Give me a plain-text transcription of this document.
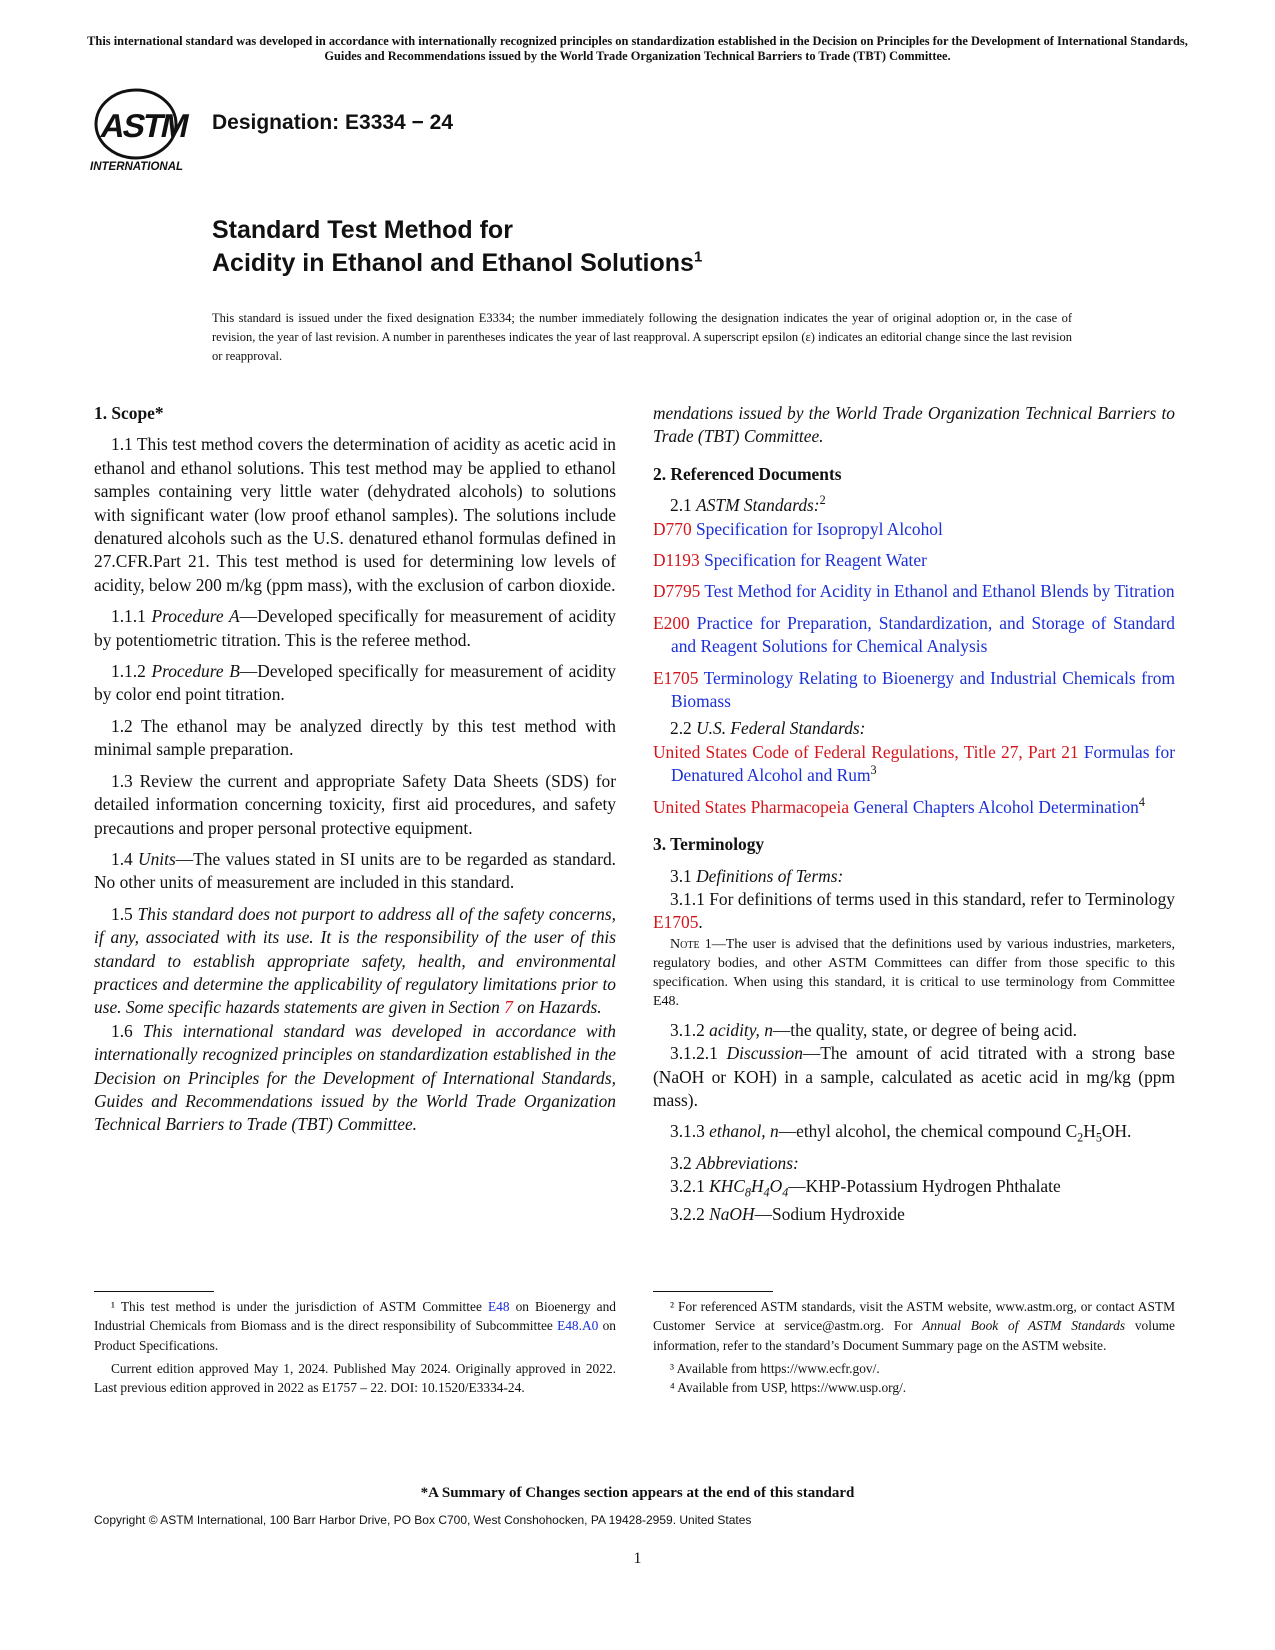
This international standard was developed in accordance with internationally recognized principles on standardization established in the Decision on Principles for the Development of International Standards, Guides and Recommendations issued by the World Trade Organization Technical Barriers to Trade (TBT) Committee.
ASTM
INTERNATIONAL
Designation: E3334 − 24
Standard Test Method for
Acidity in Ethanol and Ethanol Solutions$^1$
This standard is issued under the fixed designation E3334; the number immediately following the designation indicates the year of original adoption or, in the case of revision, the year of last revision. A number in parentheses indicates the year of last reapproval. A superscript epsilon (ε) indicates an editorial change since the last revision or reapproval.
1. Scope*

1.1 This test method covers the determination of acidity as acetic acid in ethanol and ethanol solutions. This test method may be applied to ethanol samples containing very little water (dehydrated alcohols) to solutions with significant water (low proof ethanol samples). The solutions include denatured alcohols such as the U.S. denatured ethanol formulas defined in 27.CFR.Part 21. This test method is used for determining low levels of acidity, below 200 m/kg (ppm mass), with the exclusion of carbon dioxide.

1.1.1 Procedure A—Developed specifically for measurement of acidity by potentiometric titration. This is the referee method.

1.1.2 Procedure B—Developed specifically for measurement of acidity by color end point titration.

1.2 The ethanol may be analyzed directly by this test method with minimal sample preparation.

1.3 Review the current and appropriate Safety Data Sheets (SDS) for detailed information concerning toxicity, first aid procedures, and safety precautions and proper personal protective equipment.

1.4 Units—The values stated in SI units are to be regarded as standard. No other units of measurement are included in this standard.

1.5 This standard does not purport to address all of the safety concerns, if any, associated with its use. It is the responsibility of the user of this standard to establish appropriate safety, health, and environmental practices and determine the applicability of regulatory limitations prior to use. Some specific hazards statements are given in Section 7 on Hazards.

1.6 This international standard was developed in accordance with internationally recognized principles on standardization established in the Decision on Principles for the Development of International Standards, Guides and Recommendations issued by the World Trade Organization Technical Barriers to Trade (TBT) Committee.

mendations issued by the World Trade Organization Technical Barriers to Trade (TBT) Committee.

2. Referenced Documents

2.1 ASTM Standards:$^2$

D770 Specification for Isopropyl Alcohol

D1193 Specification for Reagent Water

D7795 Test Method for Acidity in Ethanol and Ethanol Blends by Titration

E200 Practice for Preparation, Standardization, and Storage of Standard and Reagent Solutions for Chemical Analysis

E1705 Terminology Relating to Bioenergy and Industrial Chemicals from Biomass

2.2 U.S. Federal Standards:

United States Code of Federal Regulations, Title 27, Part 21 Formulas for Denatured Alcohol and Rum$^3$

United States Pharmacopeia General Chapters Alcohol Determination$^4$

3. Terminology

3.1 Definitions of Terms:

3.1.1 For definitions of terms used in this standard, refer to Terminology E1705.

Note 1—The user is advised that the definitions used by various industries, marketers, regulatory bodies, and other ASTM Committees can differ from those specific to this specification. When using this standard, it is critical to use terminology from Committee E48.

3.1.2 acidity, n—the quality, state, or degree of being acid.

3.1.2.1 Discussion—The amount of acid titrated with a strong base (NaOH or KOH) in a sample, calculated as acetic acid in mg/kg (ppm mass).

3.1.3 ethanol, n—ethyl alcohol, the chemical compound $C_2H_5OH$.

3.2 Abbreviations:

3.2.1 $KHC_8H_4O_4—KHP$-Potassium Hydrogen Phthalate

3.2.2 NaOH—Sodium Hydroxide

¹ This test method is under the jurisdiction of ASTM Committee E48 on Bioenergy and Industrial Chemicals from Biomass and is the direct responsibility of Subcommittee E48.A0 on Product Specifications.

Current edition approved May 1, 2024. Published May 2024. Originally approved in 2022. Last previous edition approved in 2022 as E1757 – 22. DOI: 10.1520/E3334-24.

² For referenced ASTM standards, visit the ASTM website, www.astm.org, or contact ASTM Customer Service at service@astm.org. For Annual Book of ASTM Standards volume information, refer to the standard’s Document Summary page on the ASTM website.

³ Available from https://www.ecfr.gov/.

⁴ Available from USP, https://www.usp.org/.

*A Summary of Changes section appears at the end of this standard
Copyright © ASTM International, 100 Barr Harbor Drive, PO Box C700, West Conshohocken, PA 19428-2959. United States
1
